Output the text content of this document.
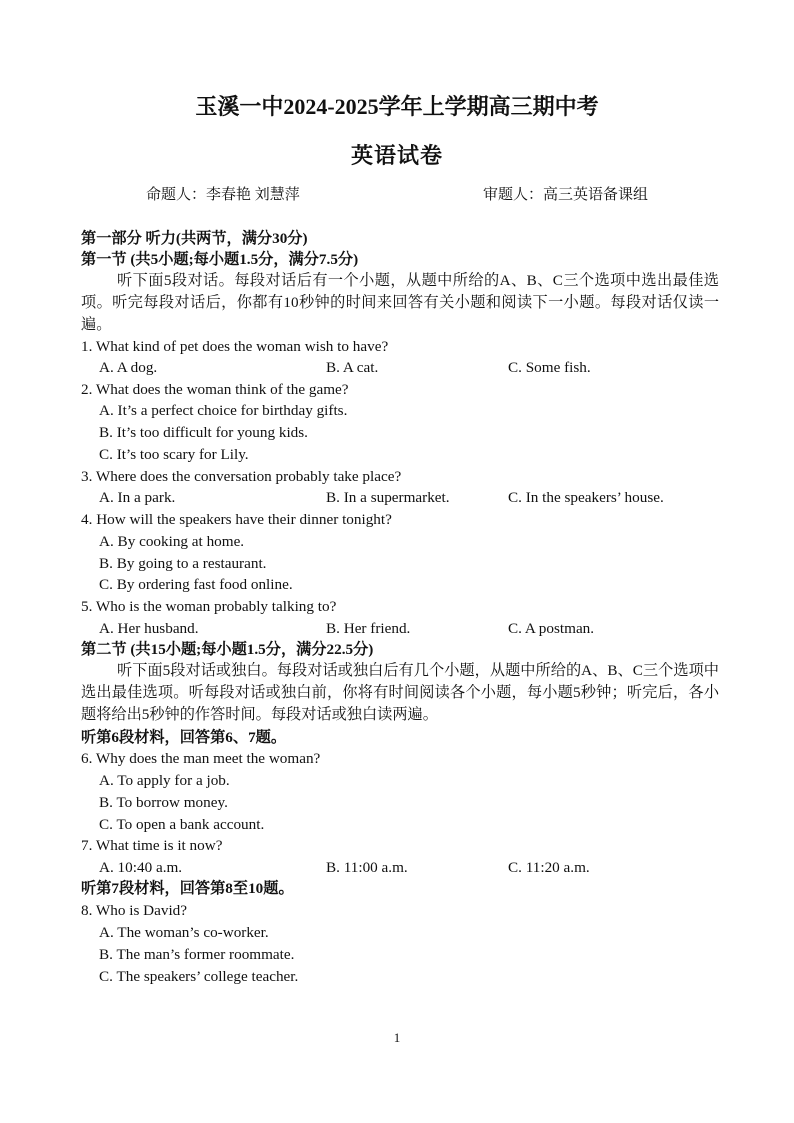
玉溪一中2024-2025学年上学期高三期中考
英语试卷
命题人：李春艳 刘慧萍	审题人：高三英语备课组
第一部分 听力(共两节，满分30分)
第一节 (共5小题;每小题1.5分，满分7.5分)
听下面5段对话。每段对话后有一个小题，从题中所给的A、B、C三个选项中选出最佳选项。听完每段对话后，你都有10秒钟的时间来回答有关小题和阅读下一小题。每段对话仅读一遍。
1. What kind of pet does the woman wish to have?
A. A dog.	B. A cat.	C. Some fish.
2. What does the woman think of the game?
A. It’s a perfect choice for birthday gifts.
B. It’s too difficult for young kids.
C. It’s too scary for Lily.
3. Where does the conversation probably take place?
A. In a park.	B. In a supermarket.	C. In the speakers’ house.
4. How will the speakers have their dinner tonight?
A. By cooking at home.
B. By going to a restaurant.
C. By ordering fast food online.
5. Who is the woman probably talking to?
A. Her husband.	B. Her friend.	C. A postman.
第二节 (共15小题;每小题1.5分，满分22.5分)
听下面5段对话或独白。每段对话或独白后有几个小题，从题中所给的A、B、C三个选项中选出最佳选项。听每段对话或独白前，你将有时间阅读各个小题，每小题5秒钟；听完后，各小题将给出5秒钟的作答时间。每段对话或独白读两遍。
听第6段材料，回答第6、7题。
6. Why does the man meet the woman?
A. To apply for a job.
B. To borrow money.
C. To open a bank account.
7. What time is it now?
A. 10:40 a.m.	B. 11:00 a.m.	C. 11:20 a.m.
听第7段材料，回答第8至10题。
8. Who is David?
A. The woman’s co-worker.
B. The man’s former roommate.
C. The speakers’ college teacher.
1
